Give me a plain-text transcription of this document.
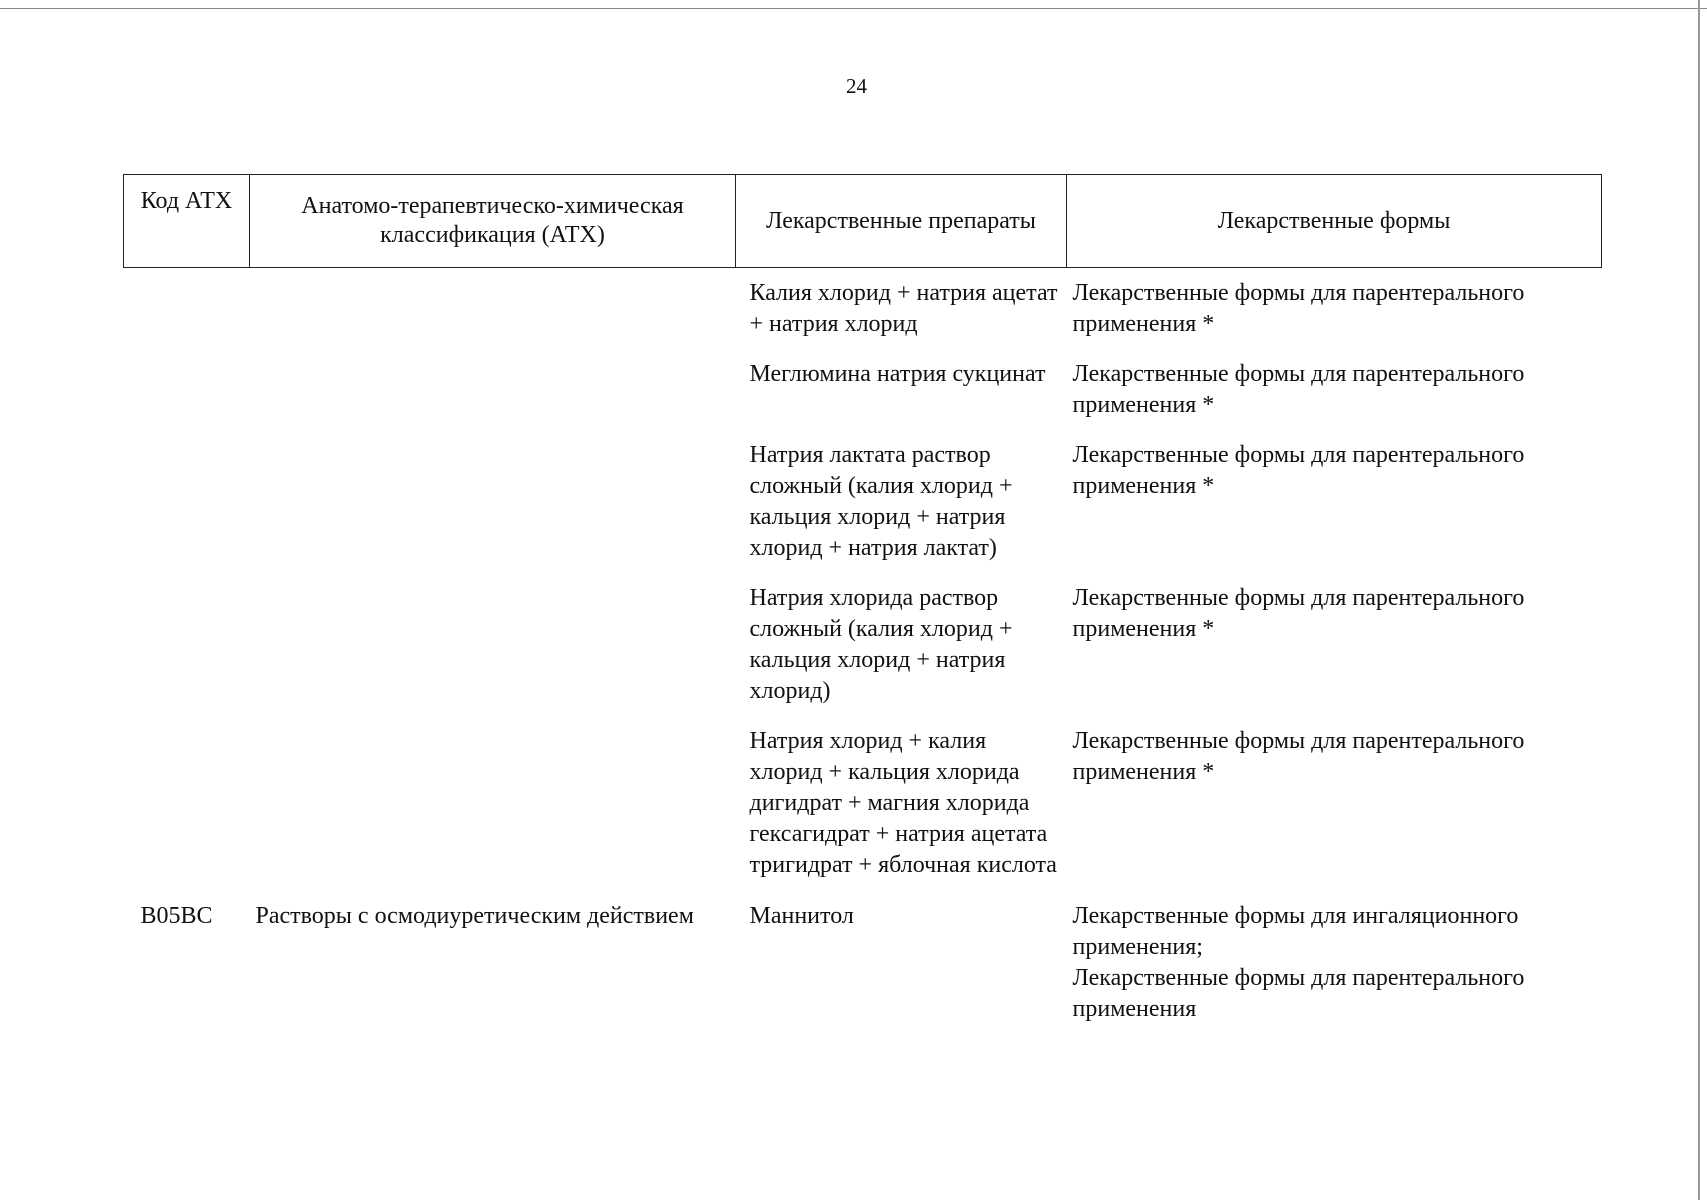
24
Код АТХ	Анатомо-терапевтическо-химическая классификация (АТХ)	Лекарственные препараты	Лекарственные формы
		Калия хлорид + натрия ацетат + натрия хлорид	Лекарственные формы для парентерального применения *

		Меглюмина натрия сукцинат	Лекарственные формы для парентерального применения *

		Натрия лактата раствор сложный (калия хлорид + кальция хлорид + натрия хлорид + натрия лактат)	Лекарственные формы для парентерального применения *

		Натрия хлорида раствор сложный (калия хлорид + кальция хлорид + натрия хлорид)	Лекарственные формы для парентерального применения *

		Натрия хлорид + калия хлорид + кальция хлорида дигидрат + магния хлорида гексагидрат + натрия ацетата тригидрат + яблочная кислота	Лекарственные формы для парентерального применения *

B05BC	Растворы с осмодиуретическим действием	Маннитол	Лекарственные формы для ингаляционного применения;
Лекарственные формы для парентерального применения
